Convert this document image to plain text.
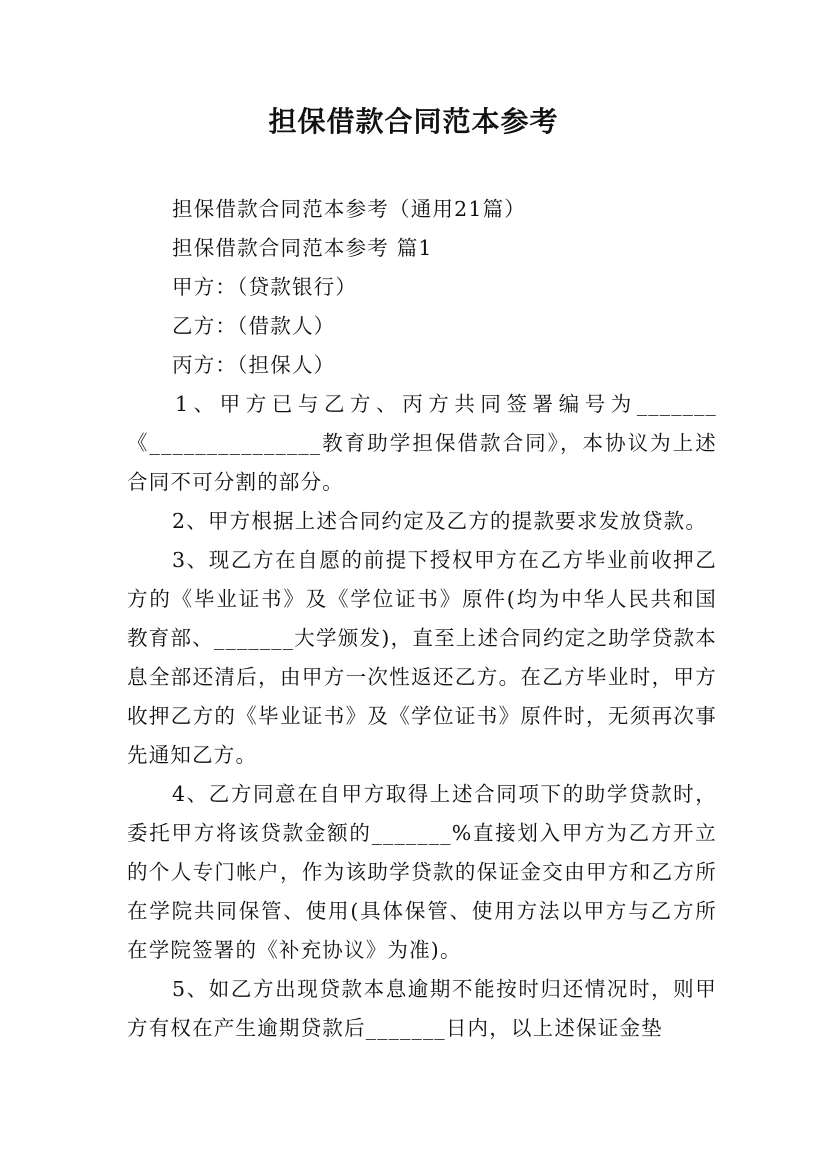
担保借款合同范本参考

担保借款合同范本参考（通用21篇）

担保借款合同范本参考 篇1

甲方：（贷款银行）

乙方：（借款人）

丙方：（担保人）

1、甲方已与乙方、丙方共同签署编号为_______《_______________教育助学担保借款合同》，本协议为上述合同不可分割的部分。

2、甲方根据上述合同约定及乙方的提款要求发放贷款。

3、现乙方在自愿的前提下授权甲方在乙方毕业前收押乙方的《毕业证书》及《学位证书》原件(均为中华人民共和国教育部、_______大学颁发)，直至上述合同约定之助学贷款本息全部还清后，由甲方一次性返还乙方。在乙方毕业时，甲方收押乙方的《毕业证书》及《学位证书》原件时，无须再次事先通知乙方。

4、乙方同意在自甲方取得上述合同项下的助学贷款时，委托甲方将该贷款金额的_______%直接划入甲方为乙方开立的个人专门帐户，作为该助学贷款的保证金交由甲方和乙方所在学院共同保管、使用(具体保管、使用方法以甲方与乙方所在学院签署的《补充协议》为准)。

5、如乙方出现贷款本息逾期不能按时归还情况时，则甲方有权在产生逾期贷款后_______日内，以上述保证金垫
